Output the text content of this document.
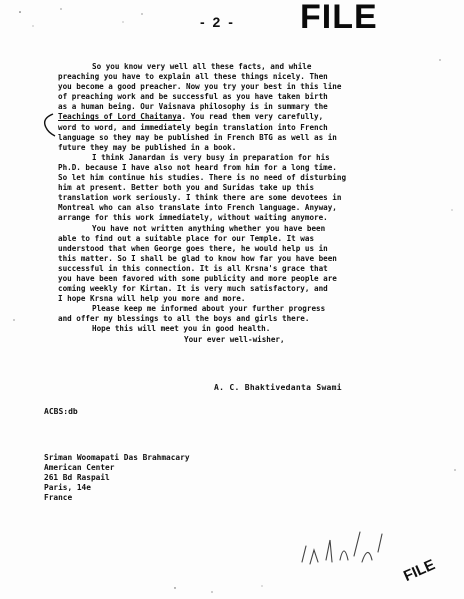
- 2 - FILE

So you know very well all these facts, and while

preaching you have to explain all these things nicely. Then

you become a good preacher. Now you try your best in this line

of preaching work and be successful as you have taken birth

as a human being. Our Vaisnava philosophy is in summary the

Teachings of Lord Chaitanya. You read them very carefully,

word to word, and immediately begin translation into French

language so they may be published in French BTG as well as in

future they may be published in a book.

I think Janardan is very busy in preparation for his

Ph.D. because I have also not heard from him for a long time.

So let him continue his studies. There is no need of disturbing

him at present. Better both you and Suridas take up this

translation work seriously. I think there are some devotees in

Montreal who can also translate into French language. Anyway,

arrange for this work immediately, without waiting anymore.

You have not written anything whether you have been

able to find out a suitable place for our Temple. It was

understood that when George goes there, he would help us in

this matter. So I shall be glad to know how far you have been

successful in this connection. It is all Krsna's grace that

you have been favored with some publicity and more people are

coming weekly for Kirtan. It is very much satisfactory, and

I hope Krsna will help you more and more.

Please keep me informed about your further progress

and offer my blessings to all the boys and girls there.

Hope this will meet you in good health.

Your ever well-wisher,

A. C. Bhaktivedanta Swami
ACBS:db
Sriman Woomapati Das Brahmacary
American Center
261 Bd Raspail
Paris, 14e
France
FILE
